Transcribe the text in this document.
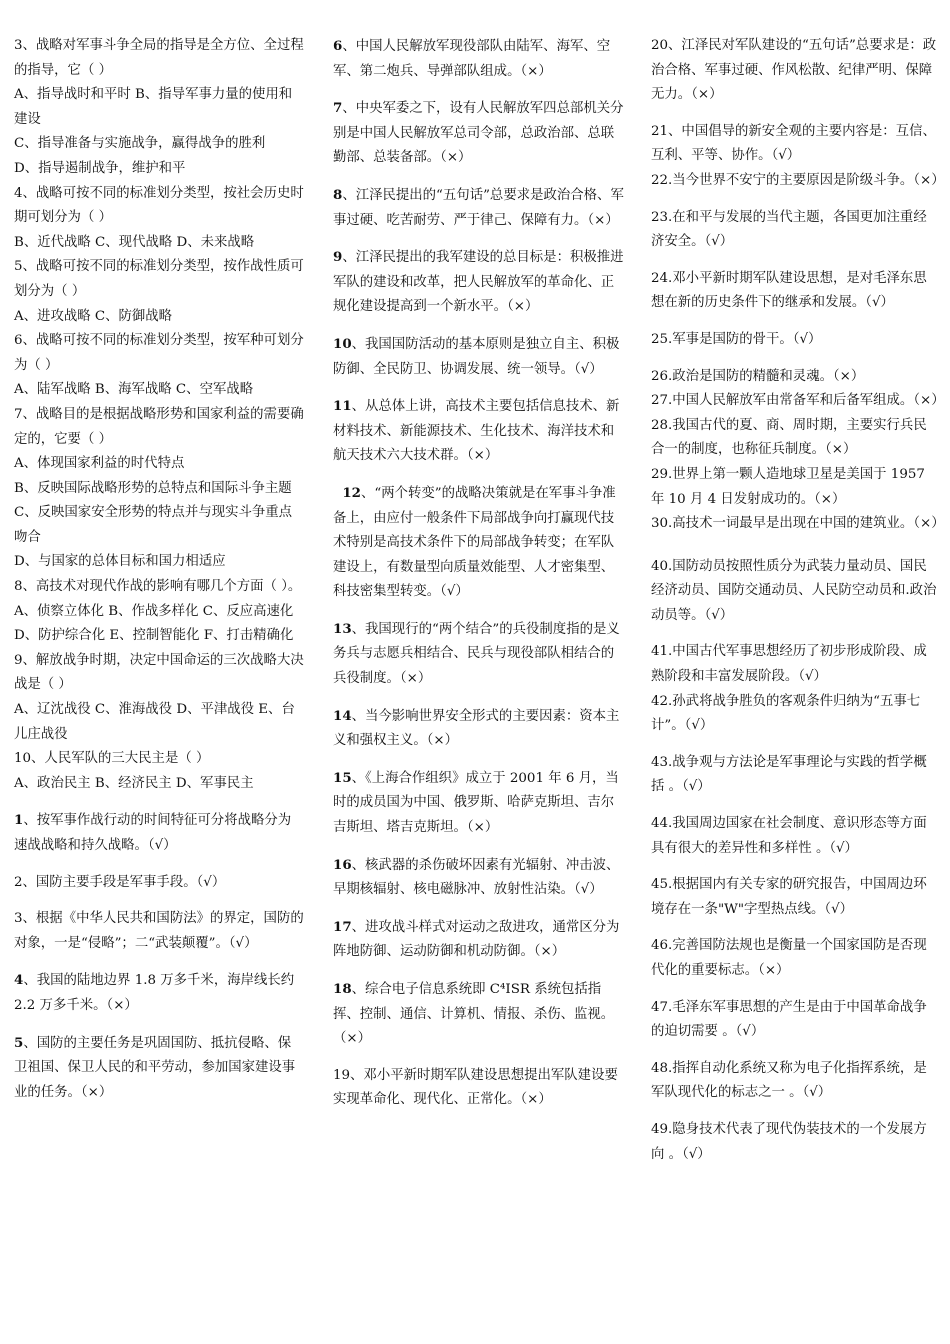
3、战略对军事斗争全局的指导是全方位、全过程的指导，它（ ）

A、指导战时和平时 B、指导军事力量的使用和建设

C、指导准备与实施战争，赢得战争的胜利

D、指导遏制战争，维护和平

4、战略可按不同的标准划分类型，按社会历史时期可划分为（ ）

B、近代战略 C、现代战略 D、未来战略

5、战略可按不同的标准划分类型，按作战性质可划分为（ ）

A、进攻战略 C、防御战略

6、战略可按不同的标准划分类型，按军种可划分为（ ）

A、陆军战略 B、海军战略 C、空军战略

7、战略目的是根据战略形势和国家利益的需要确定的，它要（ ）

A、体现国家利益的时代特点

B、反映国际战略形势的总特点和国际斗争主题

C、反映国家安全形势的特点并与现实斗争重点吻合

D、与国家的总体目标和国力相适应

8、高技术对现代作战的影响有哪几个方面（ ）。

A、侦察立体化 B、作战多样化 C、反应高速化 D、防护综合化 E、控制智能化 F、打击精确化

9、解放战争时期，决定中国命运的三次战略大决战是（ ）

A、辽沈战役 C、淮海战役 D、平津战役 E、台儿庄战役

10、人民军队的三大民主是（ ）

A、政治民主 B、经济民主 D、军事民主

1、按军事作战行动的时间特征可分将战略分为速战战略和持久战略。（√）

2、国防主要手段是军事手段。（√）

3、根据《中华人民共和国防法》的界定，国防的对象，一是“侵略”；二“武装颠覆”。（√）

4、我国的陆地边界 1.8 万多千米，海岸线长约 2.2 万多千米。（×）

5、国防的主要任务是巩固国防、抵抗侵略、保卫祖国、保卫人民的和平劳动，参加国家建设事业的任务。（×）

6、中国人民解放军现役部队由陆军、海军、空军、第二炮兵、导弹部队组成。（×）

7、中央军委之下，设有人民解放军四总部机关分别是中国人民解放军总司令部，总政治部、总联勤部、总装备部。（×）

8、江泽民提出的“五句话”总要求是政治合格、军事过硬、吃苦耐劳、严于律己、保障有力。（×）

9、江泽民提出的我军建设的总目标是：积极推进军队的建设和改革，把人民解放军的革命化、正规化建设提高到一个新水平。（×）

10、我国国防活动的基本原则是独立自主、积极防御、全民防卫、协调发展、统一领导。（√）

11、从总体上讲，高技术主要包括信息技术、新材料技术、新能源技术、生化技术、海洋技术和航天技术六大技术群。（×）

12、“两个转变”的战略决策就是在军事斗争准备上，由应付一般条件下局部战争向打赢现代技术特别是高技术条件下的局部战争转变；在军队建设上，有数量型向质量效能型、人才密集型、科技密集型转变。（√）

13、我国现行的“两个结合”的兵役制度指的是义务兵与志愿兵相结合、民兵与现役部队相结合的兵役制度。（×）

14、当今影响世界安全形式的主要因素：资本主义和强权主义。（×）

15、《上海合作组织》成立于 2001 年 6 月，当时的成员国为中国、俄罗斯、哈萨克斯坦、吉尔吉斯坦、塔吉克斯坦。（×）

16、核武器的杀伤破坏因素有光辐射、冲击波、早期核辐射、核电磁脉冲、放射性沾染。（√）

17、进攻战斗样式对运动之敌进攻，通常区分为阵地防御、运动防御和机动防御。（×）

18、综合电子信息系统即 C⁴ISR 系统包括指挥、控制、通信、计算机、情报、杀伤、监视。（×）

19、邓小平新时期军队建设思想提出军队建设要实现革命化、现代化、正常化。（×）

20、江泽民对军队建设的“五句话”总要求是：政治合格、军事过硬、作风松散、纪律严明、保障无力。（×）

21、中国倡导的新安全观的主要内容是：互信、互利、平等、协作。（√）

22.当今世界不安宁的主要原因是阶级斗争。（×）

23.在和平与发展的当代主题，各国更加注重经济安全。（√）

24.邓小平新时期军队建设思想，是对毛泽东思想在新的历史条件下的继承和发展。（√）

25.军事是国防的骨干。（√）

26.政治是国防的精髓和灵魂。（×）

27.中国人民解放军由常备军和后备军组成。（×）

28.我国古代的夏、商、周时期，主要实行兵民合一的制度，也称征兵制度。（×）

29.世界上第一颗人造地球卫星是美国于 1957 年 10 月 4 日发射成功的。（×）

30.高技术一词最早是出现在中国的建筑业。（×）

40.国防动员按照性质分为武装力量动员、国民经济动员、国防交通动员、人民防空动员和.政治动员等。（√）

41.中国古代军事思想经历了初步形成阶段、成熟阶段和丰富发展阶段。（√）

42.孙武将战争胜负的客观条件归纳为“五事七计”。（√）

43.战争观与方法论是军事理论与实践的哲学概括 。（√）

44.我国周边国家在社会制度、意识形态等方面具有很大的差异性和多样性 。（√）

45.根据国内有关专家的研究报告，中国周边环境存在一条"W"字型热点线。（√）

46.完善国防法规也是衡量一个国家国防是否现代化的重要标志。（×）

47.毛泽东军事思想的产生是由于中国革命战争的迫切需要 。（√）

48.指挥自动化系统又称为电子化指挥系统，是军队现代化的标志之一 。（√）

49.隐身技术代表了现代伪装技术的一个发展方向 。（√）
